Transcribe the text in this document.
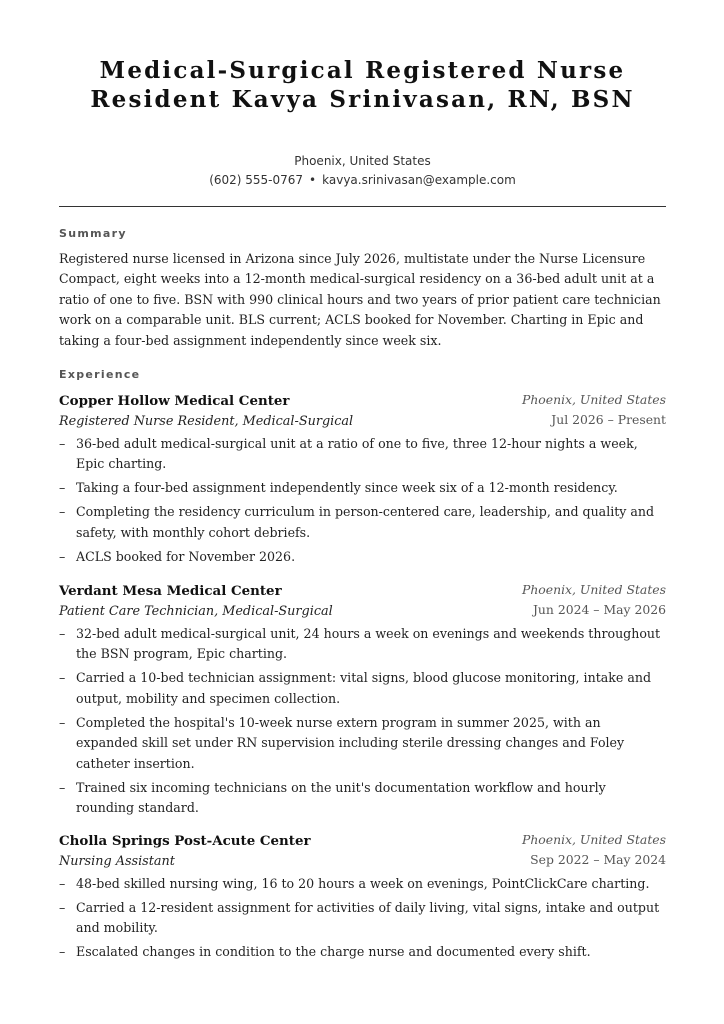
Medical-Surgical Registered Nurse Resident Kavya Srinivasan, RN, BSN
Phoenix, United States
(602) 555-0767 • kavya.srinivasan@example.com
Summary

Registered nurse licensed in Arizona since July 2026, multistate under the Nurse Licensure Compact, eight weeks into a 12-month medical-surgical residency on a 36-bed adult unit at a ratio of one to five. BSN with 990 clinical hours and two years of prior patient care technician work on a comparable unit. BLS current; ACLS booked for November. Charting in Epic and taking a four-bed assignment independently since week six.

Experience
Copper Hollow Medical Center	Phoenix, United States
Registered Nurse Resident, Medical-Surgical	Jul 2026 – Present
– 36-bed adult medical-surgical unit at a ratio of one to five, three 12-hour nights a week, Epic charting.
– Taking a four-bed assignment independently since week six of a 12-month residency.
– Completing the residency curriculum in person-centered care, leadership, and quality and safety, with monthly cohort debriefs.
– ACLS booked for November 2026.
Verdant Mesa Medical Center	Phoenix, United States
Patient Care Technician, Medical-Surgical	Jun 2024 – May 2026
– 32-bed adult medical-surgical unit, 24 hours a week on evenings and weekends throughout the BSN program, Epic charting.
– Carried a 10-bed technician assignment: vital signs, blood glucose monitoring, intake and output, mobility and specimen collection.
– Completed the hospital's 10-week nurse extern program in summer 2025, with an expanded skill set under RN supervision including sterile dressing changes and Foley catheter insertion.
– Trained six incoming technicians on the unit's documentation workflow and hourly rounding standard.
Cholla Springs Post-Acute Center	Phoenix, United States
Nursing Assistant	Sep 2022 – May 2024
– 48-bed skilled nursing wing, 16 to 20 hours a week on evenings, PointClickCare charting.
– Carried a 12-resident assignment for activities of daily living, vital signs, intake and output and mobility.
– Escalated changes in condition to the charge nurse and documented every shift.
